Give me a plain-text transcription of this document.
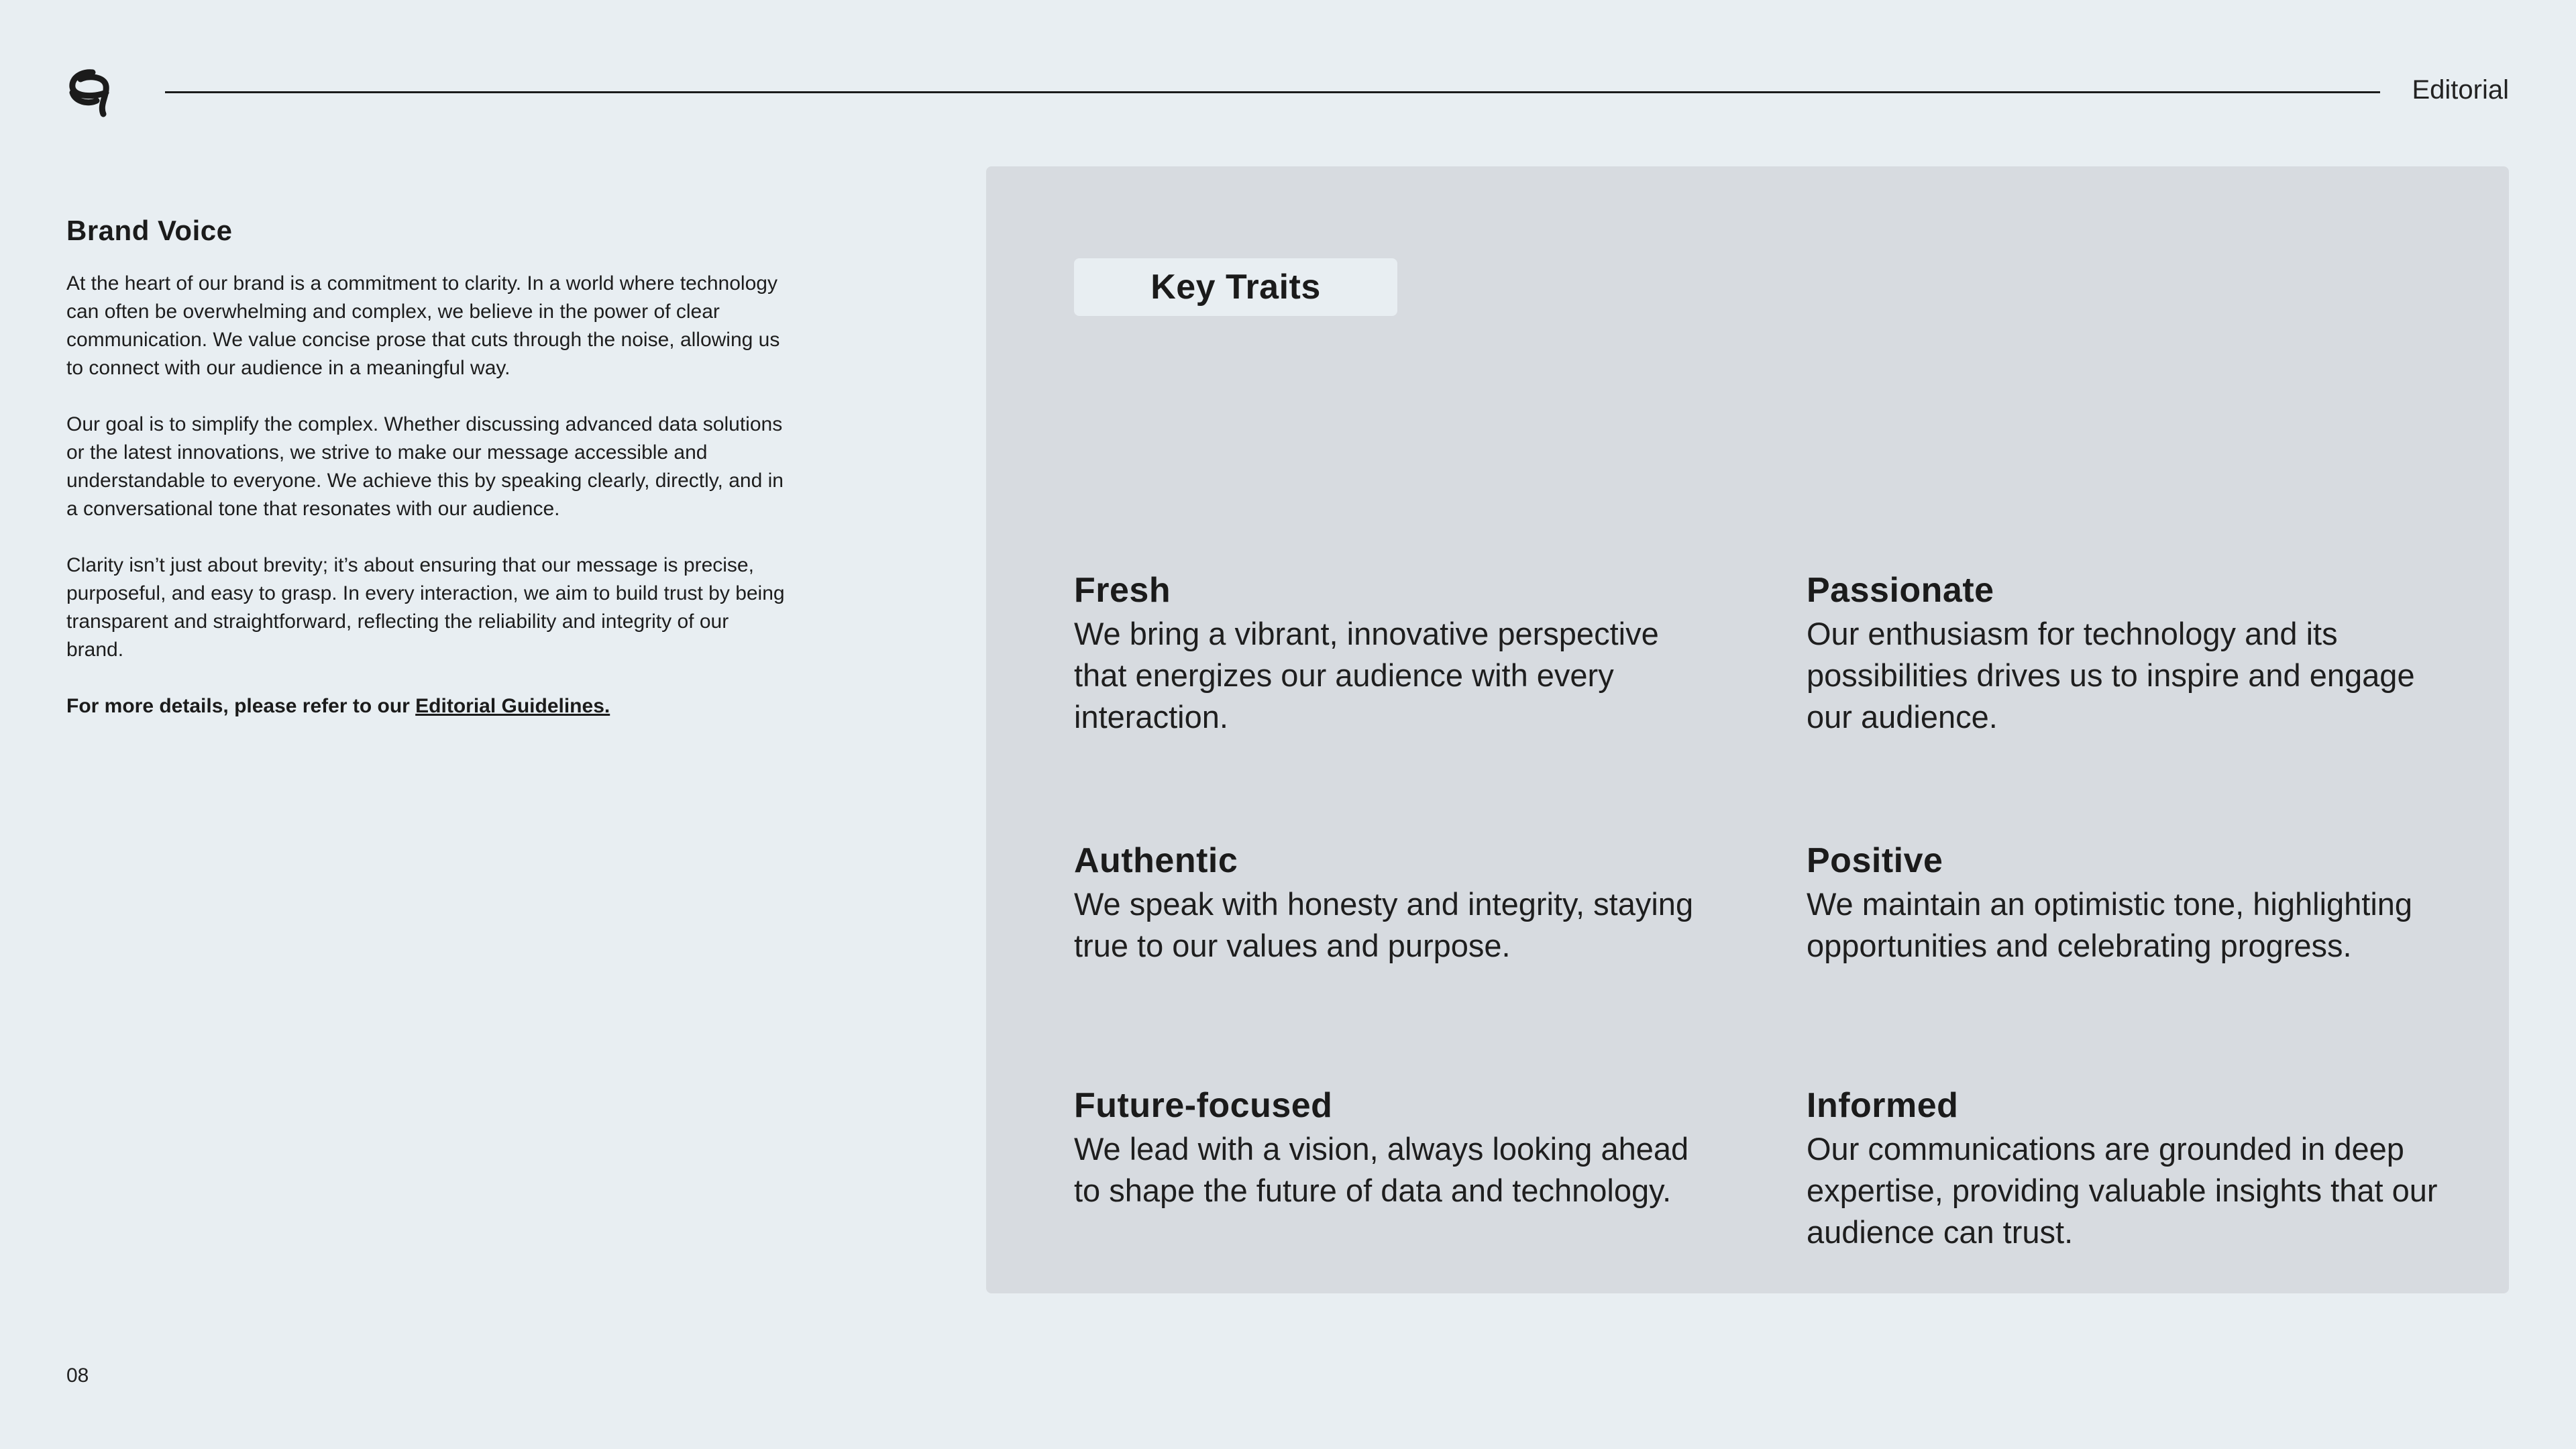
Editorial
Brand Voice

At the heart of our brand is a commitment to clarity. In a world where technology can often be overwhelming and complex, we believe in the power of clear communication. We value concise prose that cuts through the noise, allowing us to connect with our audience in a meaningful way.

Our goal is to simplify the complex. Whether discussing advanced data solutions or the latest innovations, we strive to make our message accessible and understandable to everyone. We achieve this by speaking clearly, directly, and in a conversational tone that resonates with our audience.

Clarity isn’t just about brevity; it’s about ensuring that our message is precise, purposeful, and easy to grasp. In every interaction, we aim to build trust by being transparent and straightforward, reflecting the reliability and integrity of our brand.

For more details, please refer to our Editorial Guidelines.

Key Traits
Fresh

We bring a vibrant, innovative perspective that energizes our audience with every interaction.

Passionate

Our enthusiasm for technology and its possibilities drives us to inspire and engage our audience.

Authentic

We speak with honesty and integrity, staying true to our values and purpose.

Positive

We maintain an optimistic tone, highlighting opportunities and celebrating progress.

Future-focused

We lead with a vision, always looking ahead to shape the future of data and technology.

Informed

Our communications are grounded in deep expertise, providing valuable insights that our audience can trust.

08
